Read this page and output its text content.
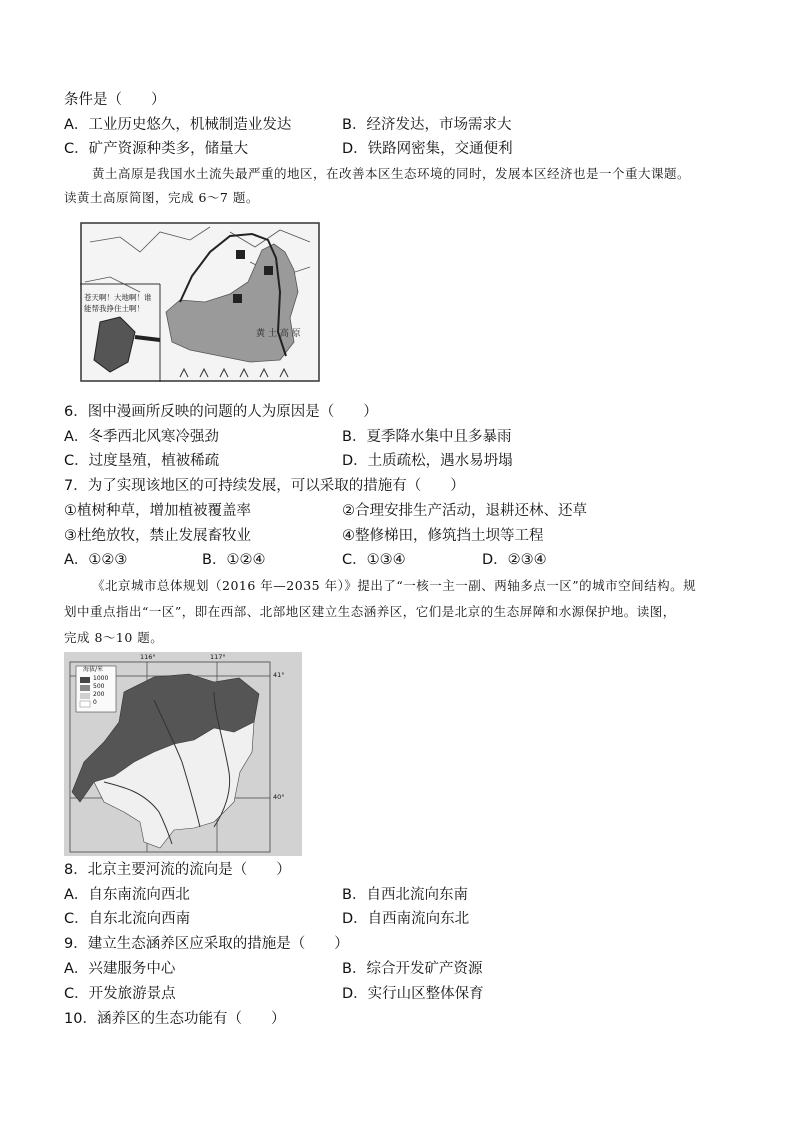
条件是（　　）
A．工业历史悠久，机械制造业发达	B．经济发达，市场需求大
C．矿产资源种类多，储量大	D．铁路网密集，交通便利
黄土高原是我国水土流失最严重的地区，在改善本区生态环境的同时，发展本区经济也是一个重大课题。
读黄土高原简图，完成 6～7 题。
苍天啊！大地啊！谁
能帮我挣住土啊！
黄 土 高 原
6．图中漫画所反映的问题的人为原因是（　　）
A．冬季西北风寒冷强劲	B．夏季降水集中且多暴雨
C．过度垦殖，植被稀疏	D．土质疏松，遇水易坍塌
7．为了实现该地区的可持续发展，可以采取的措施有（　　）
①植树种草，增加植被覆盖率	②合理安排生产活动，退耕还林、还草
③杜绝放牧，禁止发展畜牧业	④整修梯田，修筑挡土坝等工程
A．①②③	B．①②④	C．①③④	D．②③④
《北京城市总体规划（2016 年—2035 年）》提出了“一核一主一副、两轴多点一区”的城市空间结构。规
划中重点指出“一区”，即在西部、北部地区建立生态涵养区，它们是北京的生态屏障和水源保护地。读图，
完成 8～10 题。
海拔/米
1000
500
200
0
116°	117°
41°
40°
8．北京主要河流的流向是（　　）
A．自东南流向西北	B．自西北流向东南
C．自东北流向西南	D．自西南流向东北
9．建立生态涵养区应采取的措施是（　　）
A．兴建服务中心	B．综合开发矿产资源
C．开发旅游景点	D．实行山区整体保育
10．涵养区的生态功能有（　　）
